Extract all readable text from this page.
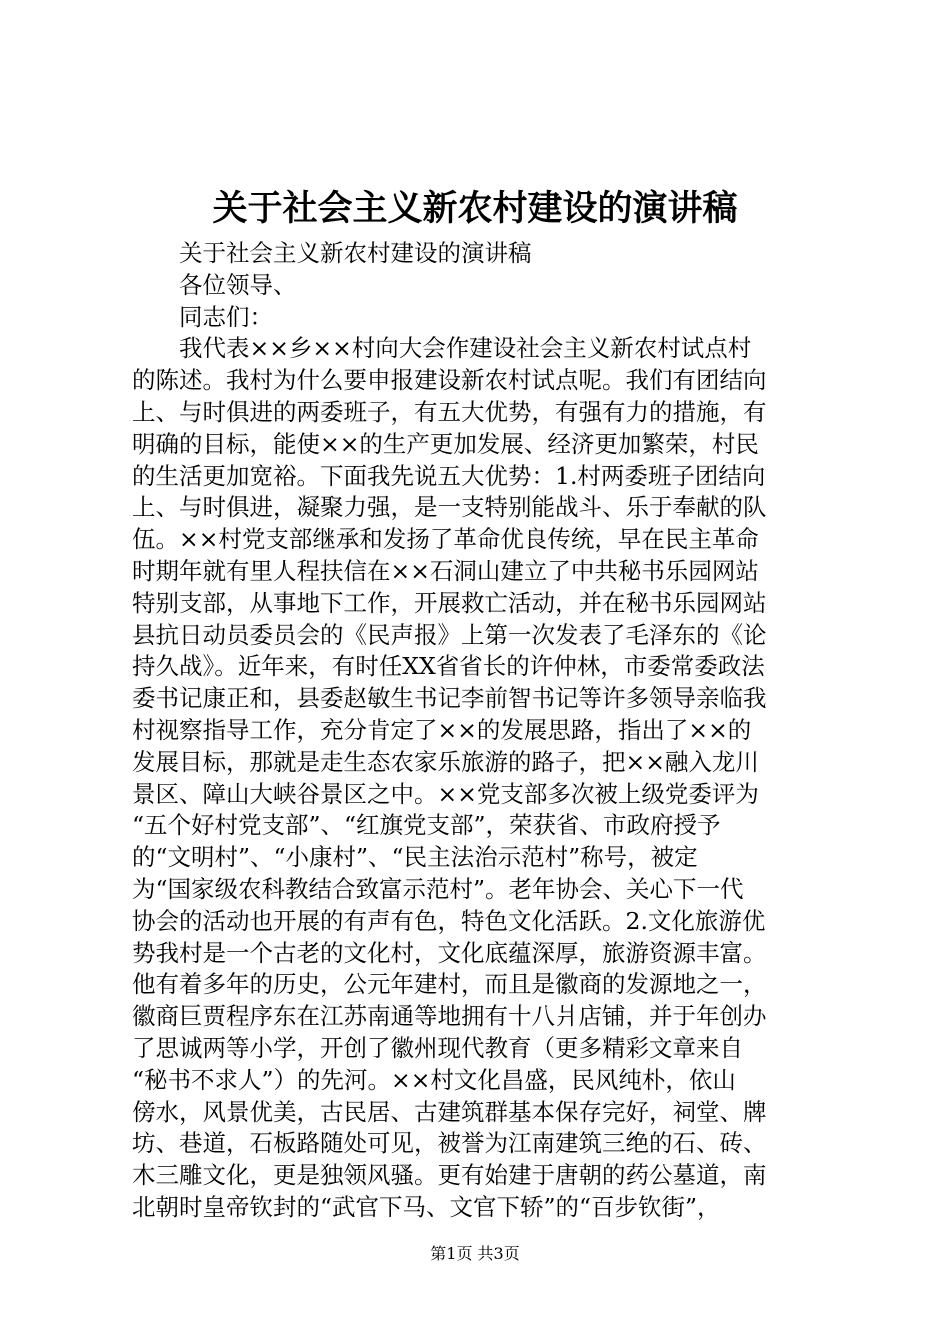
关于社会主义新农村建设的演讲稿
关于社会主义新农村建设的演讲稿
各位领导、
同志们：
我代表××乡××村向大会作建设社会主义新农村试点村
的陈述。我村为什么要申报建设新农村试点呢。我们有团结向
上、与时俱进的两委班子，有五大优势，有强有力的措施，有
明确的目标，能使××的生产更加发展、经济更加繁荣，村民
的生活更加宽裕。下面我先说五大优势：1.村两委班子团结向
上、与时俱进，凝聚力强，是一支特别能战斗、乐于奉献的队
伍。××村党支部继承和发扬了革命优良传统，早在民主革命
时期年就有里人程扶信在××石洞山建立了中共秘书乐园网站
特别支部，从事地下工作，开展救亡活动，并在秘书乐园网站
县抗日动员委员会的《民声报》上第一次发表了毛泽东的《论
持久战》。近年来，有时任XX省省长的许仲林，市委常委政法
委书记康正和，县委赵敏生书记李前智书记等许多领导亲临我
村视察指导工作，充分肯定了××的发展思路，指出了××的
发展目标，那就是走生态农家乐旅游的路子，把××融入龙川
景区、障山大峡谷景区之中。××党支部多次被上级党委评为
“五个好村党支部”、“红旗党支部”，荣获省、市政府授予
的“文明村”、“小康村”、“民主法治示范村”称号，被定
为“国家级农科教结合致富示范村”。老年协会、关心下一代
协会的活动也开展的有声有色，特色文化活跃。2.文化旅游优
势我村是一个古老的文化村，文化底蕴深厚，旅游资源丰富。
他有着多年的历史，公元年建村，而且是徽商的发源地之一，
徽商巨贾程序东在江苏南通等地拥有十八爿店铺，并于年创办
了思诚两等小学，开创了徽州现代教育（更多精彩文章来自
“秘书不求人”）的先河。××村文化昌盛，民风纯朴，依山
傍水，风景优美，古民居、古建筑群基本保存完好，祠堂、牌
坊、巷道，石板路随处可见，被誉为江南建筑三绝的石、砖、
木三雕文化，更是独领风骚。更有始建于唐朝的药公墓道，南
北朝时皇帝钦封的“武官下马、文官下轿”的“百步钦街”，
第1页 共3页
